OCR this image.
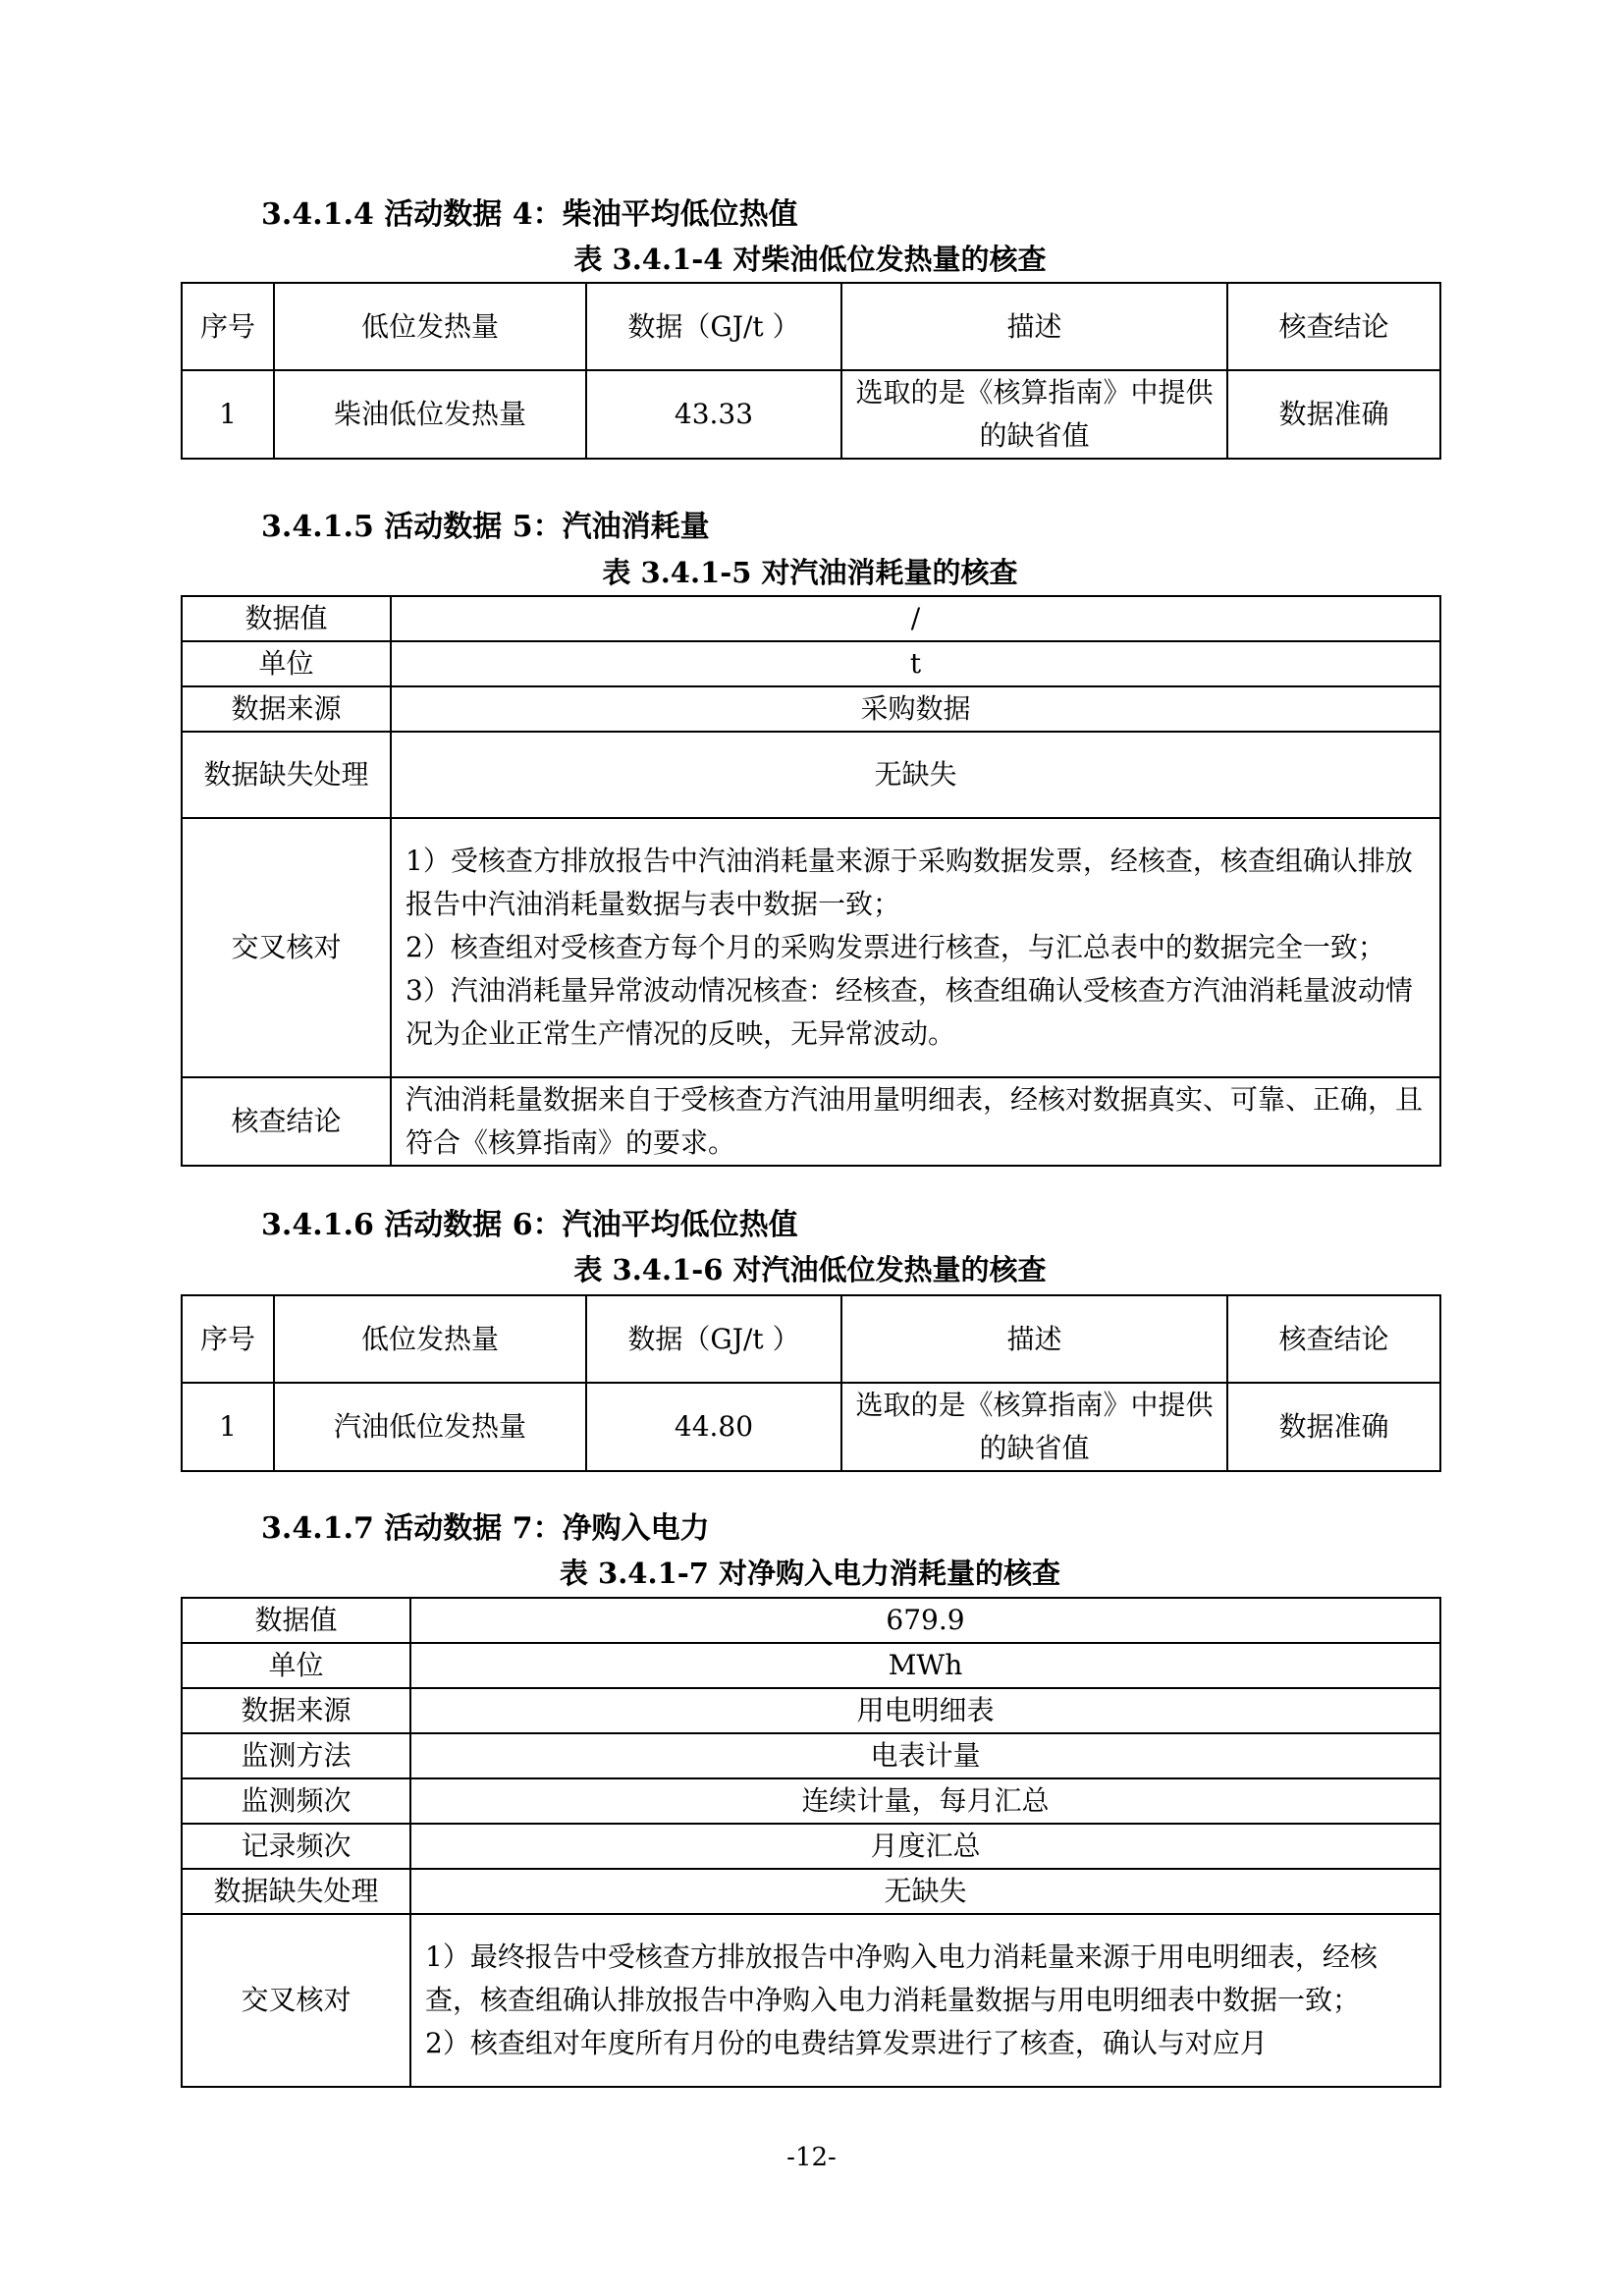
3.4.1.4 活动数据 4：柴油平均低位热值

表 3.4.1-4 对柴油低位发热量的核查

序号	低位发热量	数据（GJ/t ）	描述	核查结论
1	柴油低位发热量	43.33	选取的是《核算指南》中提供的缺省值	数据准确

3.4.1.5 活动数据 5：汽油消耗量

表 3.4.1-5 对汽油消耗量的核查

数据值	/
单位	t
数据来源	采购数据
数据缺失处理	无缺失
交叉核对	1）受核查方排放报告中汽油消耗量来源于采购数据发票，经核查，核查组确认排放报告中汽油消耗量数据与表中数据一致；
2）核查组对受核查方每个月的采购发票进行核查，与汇总表中的数据完全一致；
3）汽油消耗量异常波动情况核查：经核查，核查组确认受核查方汽油消耗量波动情况为企业正常生产情况的反映，无异常波动。

核查结论	汽油消耗量数据来自于受核查方汽油用量明细表，经核对数据真实、可靠、正确，且符合《核算指南》的要求。

3.4.1.6 活动数据 6：汽油平均低位热值

表 3.4.1-6 对汽油低位发热量的核查

序号	低位发热量	数据（GJ/t ）	描述	核查结论
1	汽油低位发热量	44.80	选取的是《核算指南》中提供的缺省值	数据准确

3.4.1.7 活动数据 7：净购入电力

表 3.4.1-7 对净购入电力消耗量的核查

数据值	679.9
单位	MWh
数据来源	用电明细表
监测方法	电表计量
监测频次	连续计量，每月汇总
记录频次	月度汇总
数据缺失处理	无缺失
交叉核对	1）最终报告中受核查方排放报告中净购入电力消耗量来源于用电明细表，经核查，核查组确认排放报告中净购入电力消耗量数据与用电明细表中数据一致；
2）核查组对年度所有月份的电费结算发票进行了核查，确认与对应月
-12-
